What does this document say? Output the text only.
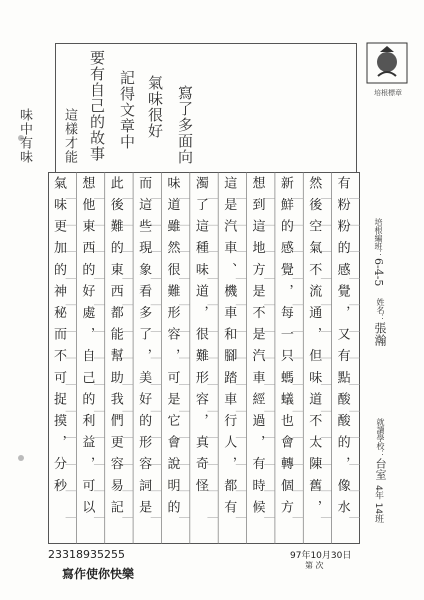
味中有味 這樣才能 要有自己的故事 記得文章中 氣味很好 寫了多面向	培根標章
培根編班：6-4-5
姓名：張瀚
就讀學校：台室
4年 14班
有粉粉的感覺，又有點酸酸的，像水
然後空氣不流通，但味道不太陳舊，
新鮮的感覺，每一只螞蟻也會轉個方
想到這地方是不是汽車經過，有時候
這是汽車、機車和腳踏車行人，都有
濁了這種味道，很難形容，真奇怪
味道雖然很難形容，可是它會說明的
而這些現象看多了，美好的形容詞是
此後難的東西都能幫助我們更容易記
想他東西的好處，自己的利益，可以
氣味更加的神秘而不可捉摸，分秒
23318935255
寫作使你快樂
97年10月30日
第 次
